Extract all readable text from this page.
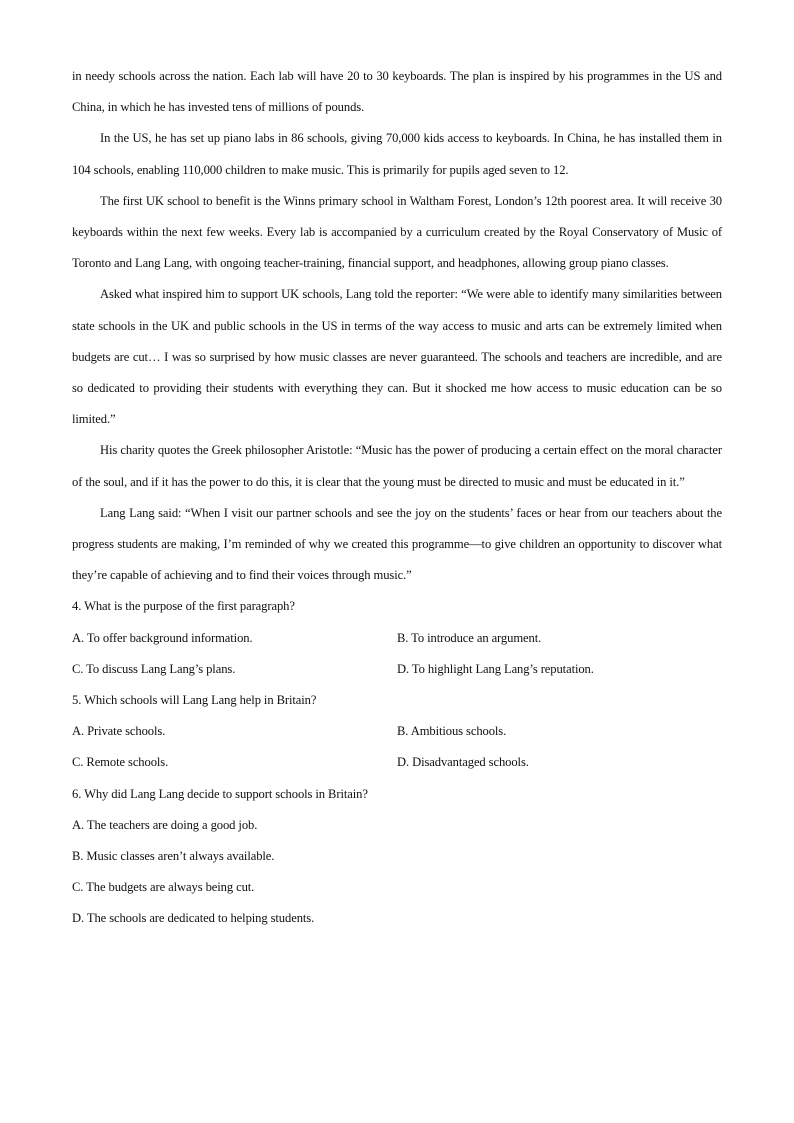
in needy schools across the nation. Each lab will have 20 to 30 keyboards. The plan is inspired by his programmes in the US and China, in which he has invested tens of millions of pounds.

In the US, he has set up piano labs in 86 schools, giving 70,000 kids access to keyboards. In China, he has installed them in 104 schools, enabling 110,000 children to make music. This is primarily for pupils aged seven to 12.

The first UK school to benefit is the Winns primary school in Waltham Forest, London’s 12th poorest area. It will receive 30 keyboards within the next few weeks. Every lab is accompanied by a curriculum created by the Royal Conservatory of Music of Toronto and Lang Lang, with ongoing teacher-training, financial support, and headphones, allowing group piano classes.

Asked what inspired him to support UK schools, Lang told the reporter: “We were able to identify many similarities between state schools in the UK and public schools in the US in terms of the way access to music and arts can be extremely limited when budgets are cut… I was so surprised by how music classes are never guaranteed. The schools and teachers are incredible, and are so dedicated to providing their students with everything they can. But it shocked me how access to music education can be so limited.”

His charity quotes the Greek philosopher Aristotle: “Music has the power of producing a certain effect on the moral character of the soul, and if it has the power to do this, it is clear that the young must be directed to music and must be educated in it.”

Lang Lang said: “When I visit our partner schools and see the joy on the students’ faces or hear from our teachers about the progress students are making, I’m reminded of why we created this programme—to give children an opportunity to discover what they’re capable of achieving and to find their voices through music.”

4. What is the purpose of the first paragraph?

A. To offer background information.	B. To introduce an argument.
C. To discuss Lang Lang’s plans.	D. To highlight Lang Lang’s reputation.

5. Which schools will Lang Lang help in Britain?

A. Private schools.	B. Ambitious schools.
C. Remote schools.	D. Disadvantaged schools.

6. Why did Lang Lang decide to support schools in Britain?

A. The teachers are doing a good job.

B. Music classes aren’t always available.

C. The budgets are always being cut.

D. The schools are dedicated to helping students.
